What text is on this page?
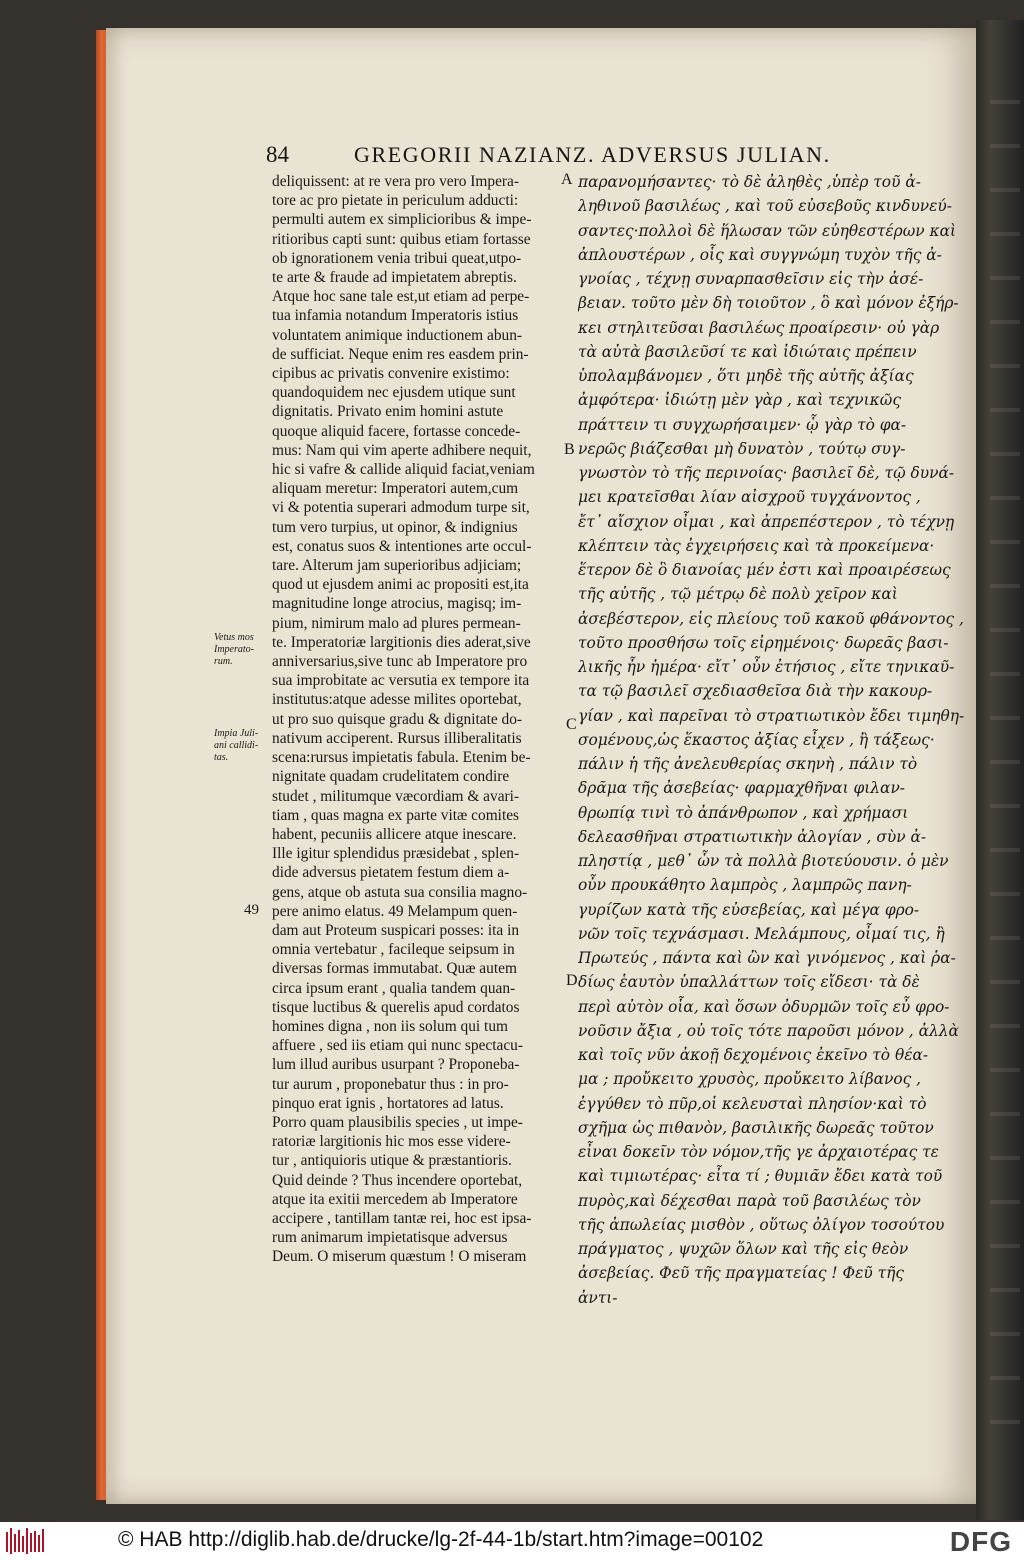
84	GREGORII NAZIANZ. ADVERSUS JULIAN.
deliquissent: at re vera pro vero Impera-
tore ac pro pietate in periculum adducti:
permulti autem ex simplicioribus & impe-
ritioribus capti sunt: quibus etiam fortasse
ob ignorationem venia tribui queat,utpo-
te arte & fraude ad impietatem abreptis.
Atque hoc sane tale est,ut etiam ad perpe-
tua infamia notandum Imperatoris istius
voluntatem animique inductionem abun-
de sufficiat. Neque enim res easdem prin-
cipibus ac privatis convenire existimo:
quandoquidem nec ejusdem utique sunt
dignitatis. Privato enim homini astute
quoque aliquid facere, fortasse concede-
mus: Nam qui vim aperte adhibere nequit,
hic si vafre & callide aliquid faciat,veniam
aliquam meretur: Imperatori autem,cum
vi & potentia superari admodum turpe sit,
tum vero turpius, ut opinor, & indignius
est, conatus suos & intentiones arte occul-
tare. Alterum jam superioribus adjiciam;
quod ut ejusdem animi ac propositi est,ita
magnitudine longe atrocius, magisq; im-
pium, nimirum malo ad plures permean-
te. Imperatoriæ largitionis dies aderat,sive
anniversarius,sive tunc ab Imperatore pro
sua improbitate ac versutia ex tempore ita
institutus:atque adesse milites oportebat,
ut pro suo quisque gradu & dignitate do-
nativum acciperent. Rursus illiberalitatis
scena:rursus impietatis fabula. Etenim be-
nignitate quadam crudelitatem condire
studet , militumque væcordiam & avari-
tiam , quas magna ex parte vitæ comites
habent, pecuniis allicere atque inescare.
Ille igitur splendidus præsidebat , splen-
dide adversus pietatem festum diem a-
gens, atque ob astuta sua consilia magno-
pere animo elatus. 49 Melampum quen-
dam aut Proteum suspicari posses: ita in
omnia vertebatur , facileque seipsum in
diversas formas immutabat. Quæ autem
circa ipsum erant , qualia tandem quan-
tisque luctibus & querelis apud cordatos
homines digna , non iis solum qui tum
affuere , sed iis etiam qui nunc spectacu-
lum illud auribus usurpant ? Proponeba-
tur aurum , proponebatur thus : in pro-
pinquo erat ignis , hortatores ad latus.
Porro quam plausibilis species , ut impe-
ratoriæ largitionis hic mos esse videre-
tur , antiquioris utique & præstantioris.
Quid deinde ? Thus incendere oportebat,
atque ita exitii mercedem ab Imperatore
accipere , tantillam tantæ rei, hoc est ipsa-
rum animarum impietatisque adversus
Deum. O miserum quæstum ! O miseram
παρανομήσαντες· τὸ δὲ ἀληθὲς ,ὑπὲρ τοῦ ἀ-
ληθινοῦ βασιλέως , καὶ τοῦ εὐσεβοῦς κινδυνεύ-
σαντες·πολλοὶ δὲ ἥλωσαν τῶν εὐηθεστέρων καὶ
ἀπλουστέρων , οἷς καὶ συγγνώμη τυχὸν τῆς ἀ-
γνοίας , τέχνῃ συναρπασθεῖσιν εἰς τὴν ἀσέ-
βειαν. τοῦτο μὲν δὴ τοιοῦτον , ὃ καὶ μόνον ἐξήρ-
κει στηλιτεῦσαι βασιλέως προαίρεσιν· οὐ γὰρ
τὰ αὐτὰ βασιλεῦσί τε καὶ ἰδιώταις πρέπειν
ὑπολαμβάνομεν , ὅτι μηδὲ τῆς αὐτῆς ἀξίας
ἀμφότερα· ἰδιώτῃ μὲν γὰρ , καὶ τεχνικῶς
πράττειν τι συγχωρήσαιμεν· ᾧ γὰρ τὸ φα-
νερῶς βιάζεσθαι μὴ δυνατὸν , τούτῳ συγ-
γνωστὸν τὸ τῆς περινοίας· βασιλεῖ δὲ, τῷ δυνά-
μει κρατεῖσθαι λίαν αἰσχροῦ τυγχάνοντος ,
ἔτ᾽ αἴσχιον οἶμαι , καὶ ἀπρεπέστερον , τὸ τέχνῃ
κλέπτειν τὰς ἐγχειρήσεις καὶ τὰ προκείμενα·
ἕτερον δὲ ὃ διανοίας μέν ἐστι καὶ προαιρέσεως
τῆς αὐτῆς , τῷ μέτρῳ δὲ πολὺ χεῖρον καὶ
ἀσεβέστερον, εἰς πλείους τοῦ κακοῦ φθάνοντος ,
τοῦτο προσθήσω τοῖς εἰρημένοις· δωρεᾶς βασι-
λικῆς ἦν ἡμέρα· εἴτ᾽ οὖν ἐτήσιος , εἴτε τηνικαῦ-
τα τῷ βασιλεῖ σχεδιασθεῖσα διὰ τὴν κακουρ-
γίαν , καὶ παρεῖναι τὸ στρατιωτικὸν ἔδει τιμηθη-
σομένους,ὡς ἕκαστος ἀξίας εἶχεν , ἢ τάξεως·
πάλιν ἡ τῆς ἀνελευθερίας σκηνὴ , πάλιν τὸ
δρᾶμα τῆς ἀσεβείας· φαρμαχθῆναι φιλαν-
θρωπίᾳ τινὶ τὸ ἀπάνθρωπον , καὶ χρήμασι
δελεασθῆναι στρατιωτικὴν ἀλογίαν , σὺν ἀ-
πληστίᾳ , μεθ᾽ ὧν τὰ πολλὰ βιοτεύουσιν. ὁ μὲν
οὖν προυκάθητο λαμπρὸς , λαμπρῶς πανη-
γυρίζων κατὰ τῆς εὐσεβείας, καὶ μέγα φρο-
νῶν τοῖς τεχνάσμασι. Μελάμπους, οἶμαί τις, ἢ
Πρωτεύς , πάντα καὶ ὢν καὶ γινόμενος , καὶ ῥα-
δίως ἑαυτὸν ὑπαλλάττων τοῖς εἴδεσι· τὰ δὲ
περὶ αὐτὸν οἷα, καὶ ὅσων ὀδυρμῶν τοῖς εὖ φρο-
νοῦσιν ἄξια , οὐ τοῖς τότε παροῦσι μόνον , ἀλλὰ
καὶ τοῖς νῦν ἀκοῇ δεχομένοις ἐκεῖνο τὸ θέα-
μα ; προὔκειτο χρυσὸς, προὔκειτο λίβανος ,
ἐγγύθεν τὸ πῦρ,οἱ κελευσταὶ πλησίον·καὶ τὸ
σχῆμα ὡς πιθανὸν, βασιλικῆς δωρεᾶς τοῦτον
εἶναι δοκεῖν τὸν νόμον,τῆς γε ἀρχαιοτέρας τε
καὶ τιμιωτέρας· εἶτα τί ; θυμιᾶν ἔδει κατὰ τοῦ
πυρὸς,καὶ δέχεσθαι παρὰ τοῦ βασιλέως τὸν
τῆς ἀπωλείας μισθὸν , οὕτως ὀλίγον τοσούτου
πράγματος , ψυχῶν ὅλων καὶ τῆς εἰς θεὸν
ἀσεβείας. Φεῦ τῆς πραγματείας ! Φεῦ τῆς
ἀντι-
A
B
C
D
Vetus mos
Imperato-
rum.
Impia Juli-
ani callidi-
tas.
49
© HAB http://diglib.hab.de/drucke/lg-2f-44-1b/start.htm?image=00102	DFG
